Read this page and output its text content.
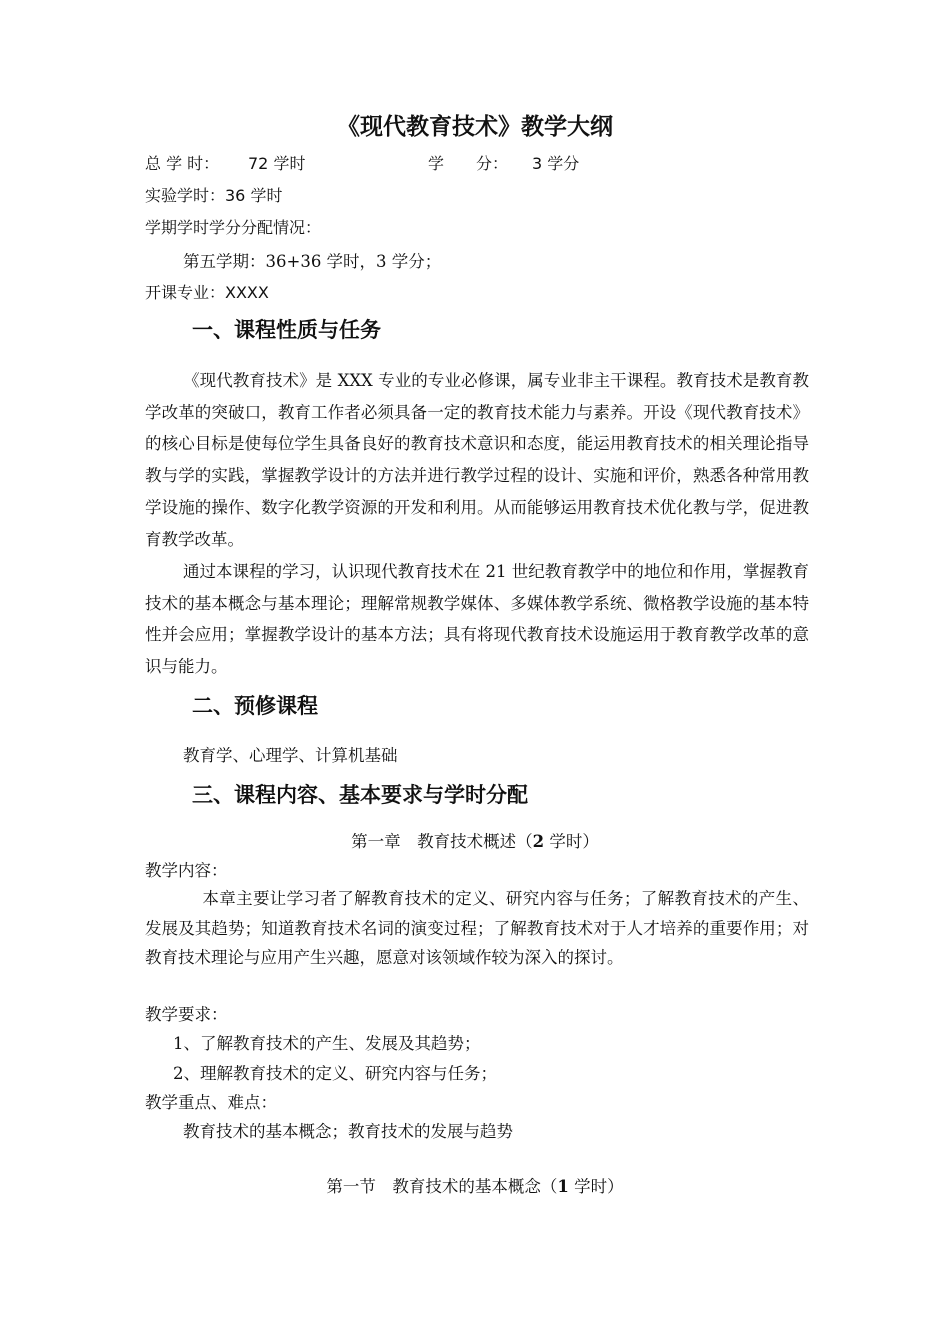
《现代教育技术》教学大纲
总 学 时： 72 学时	学　　分： 3 学分
实验学时：36 学时
学期学时学分分配情况：
第五学期：36+36 学时，3 学分；
开课专业：XXXX
一、课程性质与任务
《现代教育技术》是 XXX 专业的专业必修课，属专业非主干课程。教育技术是教育教学改革的突破口，教育工作者必须具备一定的教育技术能力与素养。开设《现代教育技术》的核心目标是使每位学生具备良好的教育技术意识和态度，能运用教育技术的相关理论指导教与学的实践，掌握教学设计的方法并进行教学过程的设计、实施和评价，熟悉各种常用教学设施的操作、数字化教学资源的开发和利用。从而能够运用教育技术优化教与学，促进教育教学改革。
通过本课程的学习，认识现代教育技术在 21 世纪教育教学中的地位和作用，掌握教育技术的基本概念与基本理论；理解常规教学媒体、多媒体教学系统、微格教学设施的基本特性并会应用；掌握教学设计的基本方法；具有将现代教育技术设施运用于教育教学改革的意识与能力。
二、预修课程
教育学、心理学、计算机基础
三、课程内容、基本要求与学时分配
第一章　教育技术概述（2 学时）
教学内容：
本章主要让学习者了解教育技术的定义、研究内容与任务；了解教育技术的产生、发展及其趋势；知道教育技术名词的演变过程；了解教育技术对于人才培养的重要作用；对教育技术理论与应用产生兴趣，愿意对该领域作较为深入的探讨。
教学要求：
1、了解教育技术的产生、发展及其趋势；
2、理解教育技术的定义、研究内容与任务；
教学重点、难点：
教育技术的基本概念；教育技术的发展与趋势
第一节　教育技术的基本概念（1 学时）
